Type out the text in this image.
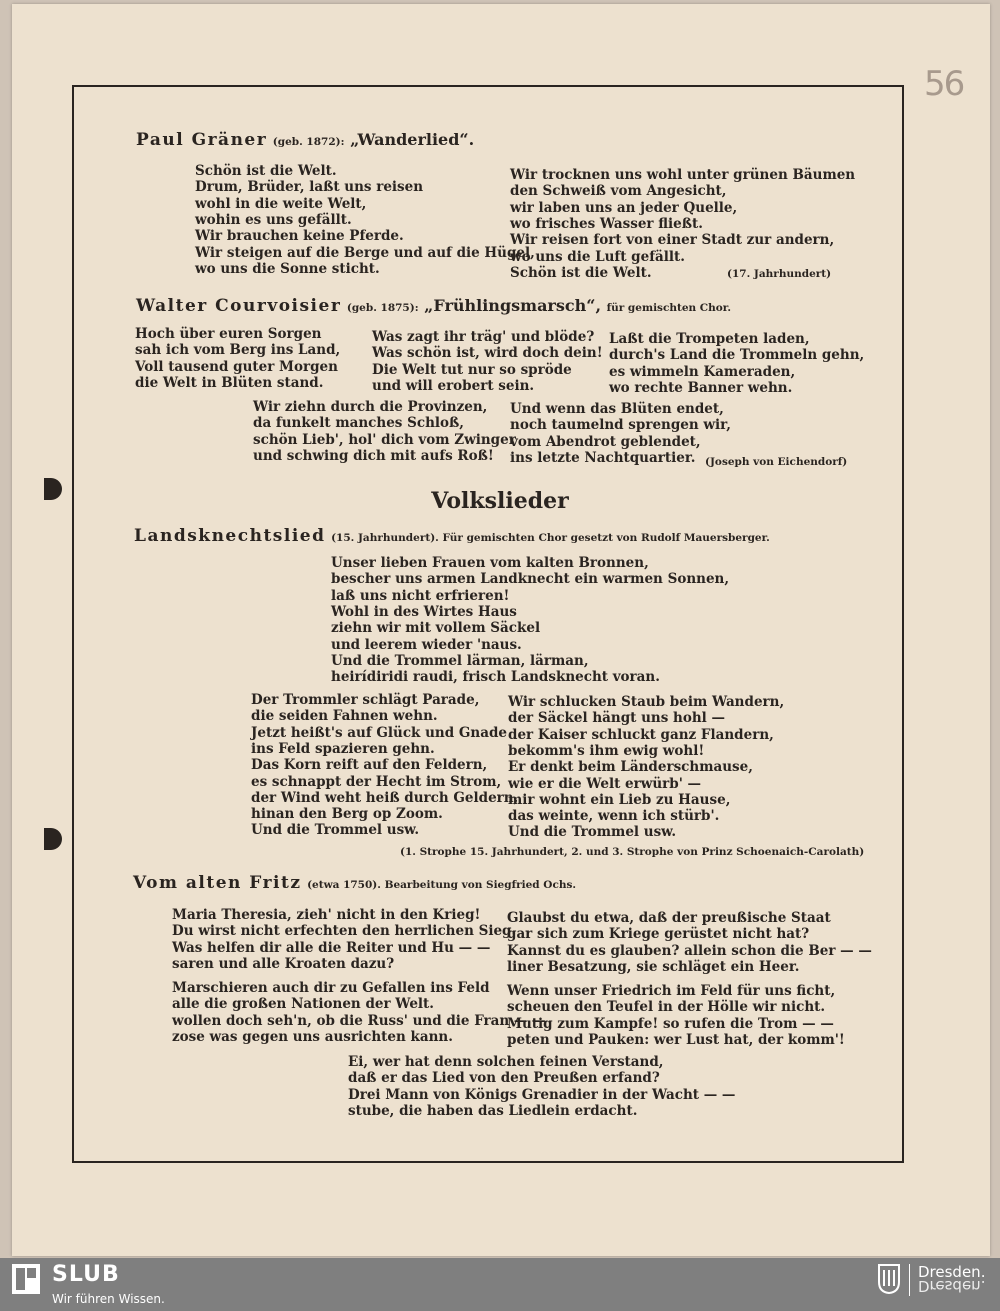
56
Paul Gräner (geb. 1872): „Wanderlied“.
Schön ist die Welt.
Drum, Brüder, laßt uns reisen
wohl in die weite Welt,
wohin es uns gefällt.
Wir brauchen keine Pferde.
Wir steigen auf die Berge und auf die Hügel,
wo uns die Sonne sticht.
Wir trocknen uns wohl unter grünen Bäumen
den Schweiß vom Angesicht,
wir laben uns an jeder Quelle,
wo frisches Wasser fließt.
Wir reisen fort von einer Stadt zur andern,
wo uns die Luft gefällt.
Schön ist die Welt.	(17. Jahrhundert)
Walter Courvoisier (geb. 1875): „Frühlingsmarsch“, für gemischten Chor.
Hoch über euren Sorgen
sah ich vom Berg ins Land,
Voll tausend guter Morgen
die Welt in Blüten stand.
Was zagt ihr träg' und blöde?
Was schön ist, wird doch dein!
Die Welt tut nur so spröde
und will erobert sein.
Laßt die Trompeten laden,
durch's Land die Trommeln gehn,
es wimmeln Kameraden,
wo rechte Banner wehn.
Wir ziehn durch die Provinzen,
da funkelt manches Schloß,
schön Lieb', hol' dich vom Zwinger
und schwing dich mit aufs Roß!
Und wenn das Blüten endet,
noch taumelnd sprengen wir,
vom Abendrot geblendet,
ins letzte Nachtquartier. (Joseph von Eichendorf)
Volkslieder
Landsknechtslied (15. Jahrhundert). Für gemischten Chor gesetzt von Rudolf Mauersberger.
Unser lieben Frauen vom kalten Bronnen,
bescher uns armen Landknecht ein warmen Sonnen,
laß uns nicht erfrieren!
Wohl in des Wirtes Haus
ziehn wir mit vollem Säckel
und leerem wieder 'naus.
Und die Trommel lärman, lärman,
heirídiridi raudi, frisch Landsknecht voran.
Der Trommler schlägt Parade,
die seiden Fahnen wehn.
Jetzt heißt's auf Glück und Gnade
ins Feld spazieren gehn.
Das Korn reift auf den Feldern,
es schnappt der Hecht im Strom,
der Wind weht heiß durch Geldern,
hinan den Berg op Zoom.
Und die Trommel usw.
Wir schlucken Staub beim Wandern,
der Säckel hängt uns hohl —
der Kaiser schluckt ganz Flandern,
bekomm's ihm ewig wohl!
Er denkt beim Länderschmause,
wie er die Welt erwürb' —
mir wohnt ein Lieb zu Hause,
das weinte, wenn ich stürb'.
Und die Trommel usw.
(1. Strophe 15. Jahrhundert, 2. und 3. Strophe von Prinz Schoenaich-Carolath)
Vom alten Fritz (etwa 1750). Bearbeitung von Siegfried Ochs.
Maria Theresia, zieh' nicht in den Krieg!
Du wirst nicht erfechten den herrlichen Sieg.
Was helfen dir alle die Reiter und Hu — —
saren und alle Kroaten dazu?
Marschieren auch dir zu Gefallen ins Feld
alle die großen Nationen der Welt.
wollen doch seh'n, ob die Russ' und die Fran — —
zose was gegen uns ausrichten kann.
Glaubst du etwa, daß der preußische Staat
gar sich zum Kriege gerüstet nicht hat?
Kannst du es glauben? allein schon die Ber — —
liner Besatzung, sie schläget ein Heer.
Wenn unser Friedrich im Feld für uns ficht,
scheuen den Teufel in der Hölle wir nicht.
Mutig zum Kampfe! so rufen die Trom — —
peten und Pauken: wer Lust hat, der komm'!
Ei, wer hat denn solchen feinen Verstand,
daß er das Lied von den Preußen erfand?
Drei Mann von Königs Grenadier in der Wacht — —
stube, die haben das Liedlein erdacht.
SLUB
Wir führen Wissen.
Dresden.
Dresden.
